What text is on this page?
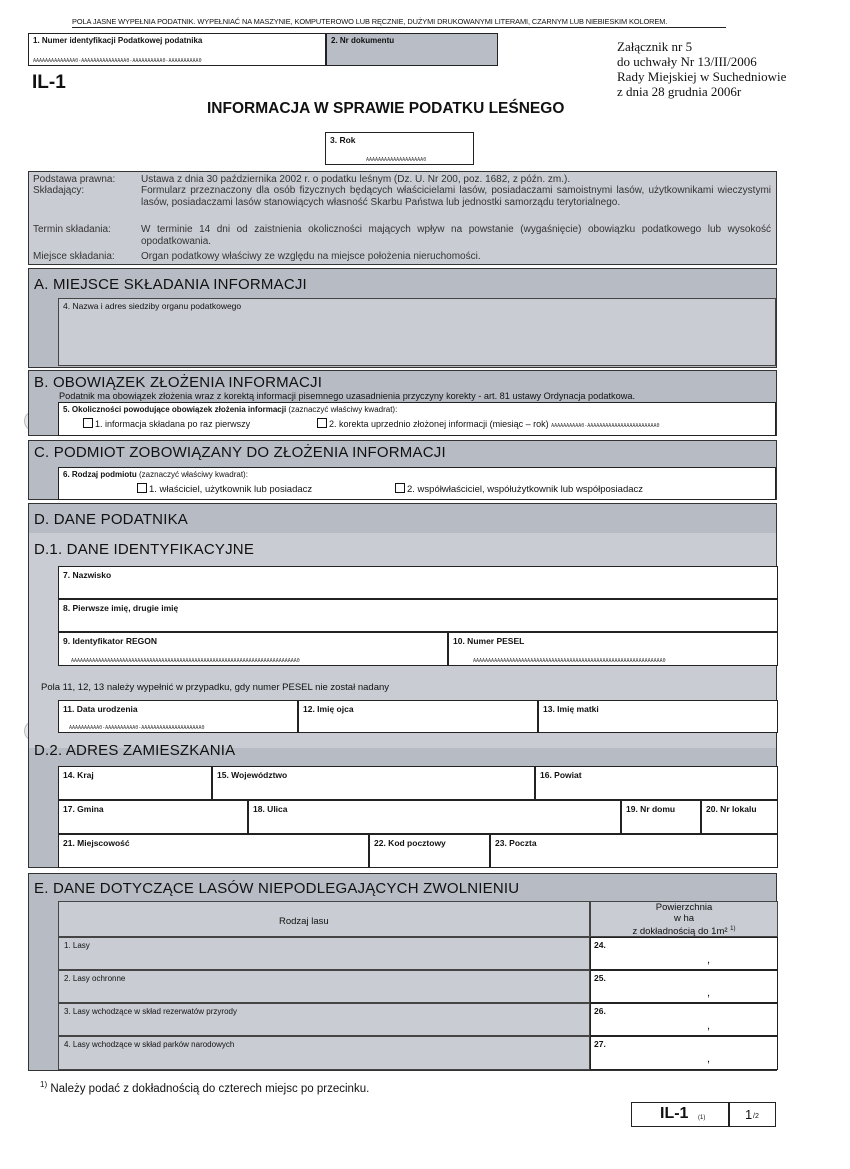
POLA JASNE WYPEŁNIA PODATNIK. WYPEŁNIAĆ NA MASZYNIE, KOMPUTEROWO LUB RĘCZNIE, DUŻYMI DRUKOWANYMI LITERAMI, CZARNYM LUB NIEBIESKIM KOLOREM.
1. Numer identyfikacji Podatkowej podatnika
AAAAAAAAAAAAAA0-AAAAAAAAAAAAAAA0-AAAAAAAAAA0-AAAAAAAAAA0
2. Nr dokumentu
IL-1
Załącznik nr 5
do uchwały Nr 13/III/2006
Rady Miejskiej w Suchedniowie
z dnia 28 grudnia 2006r
INFORMACJA W SPRAWIE PODATKU LEŚNEGO
3. Rok
AAAAAAAAAAAAAAAAAAA0
Podstawa prawna:	Ustawa z dnia 30 października 2002 r. o podatku leśnym (Dz. U. Nr 200, poz. 1682, z późn. zm.).
Składający:	Formularz przeznaczony dla osób fizycznych będących właścicielami lasów, posiadaczami samoistnymi lasów, użytkownikami wieczystymi lasów, posiadaczami lasów stanowiących własność Skarbu Państwa lub jednostki samorządu terytorialnego.
Termin składania:	W terminie 14 dni od zaistnienia okoliczności mających wpływ na powstanie (wygaśnięcie) obowiązku podatkowego lub wysokość opodatkowania.
Miejsce składania:	Organ podatkowy właściwy ze względu na miejsce położenia nieruchomości.
A. MIEJSCE SKŁADANIA INFORMACJI
4. Nazwa i adres siedziby organu podatkowego
B. OBOWIĄZEK ZŁOŻENIA INFORMACJI
Podatnik ma obowiązek złożenia wraz z korektą informacji pisemnego uzasadnienia przyczyny korekty - art. 81 ustawy Ordynacja podatkowa.
5. Okoliczności powodujące obowiązek złożenia informacji (zaznaczyć właściwy kwadrat):
1. informacja składana po raz pierwszy	2. korekta uprzednio złożonej informacji (miesiąc – rok) AAAAAAAAAA0-AAAAAAAAAAAAAAAAAAAAAAA0
C. PODMIOT ZOBOWIĄZANY DO ZŁOŻENIA INFORMACJI
6. Rodzaj podmiotu (zaznaczyć właściwy kwadrat):
1. właściciel, użytkownik lub posiadacz	2. współwłaściciel, współużytkownik lub współposiadacz
D. DANE PODATNIKA
D.1. DANE IDENTYFIKACYJNE
7. Nazwisko
8. Pierwsze imię, drugie imię
9. Identyfikator REGON
AAAAAAAAAAAAAAAAAAAAAAAAAAAAAAAAAAAAAAAAAAAAAAAAAAAAAAAAAAAAAAAAAAAAAAAAAAA0
10. Numer PESEL
AAAAAAAAAAAAAAAAAAAAAAAAAAAAAAAAAAAAAAAAAAAAAAAAAAAAAAAAAAAAAAA0
Pola 11, 12, 13 należy wypełnić w przypadku, gdy numer PESEL nie został nadany
11. Data urodzenia
AAAAAAAAAA0-AAAAAAAAAA0-AAAAAAAAAAAAAAAAAAAA0
12. Imię ojca	13. Imię matki
D.2. ADRES ZAMIESZKANIA
14. Kraj	15. Województwo	16. Powiat
17. Gmina	18. Ulica	19. Nr domu	20. Nr lokalu
21. Miejscowość	22. Kod pocztowy	23. Poczta
E. DANE DOTYCZĄCE LASÓW NIEPODLEGAJĄCYCH ZWOLNIENIU
Rodzaj lasu
Powierzchnia
w ha
z dokładnością do 1m² $^{1)}$
1. Lasy	24.
,
2. Lasy ochronne	25.
,
3. Lasy wchodzące w skład rezerwatów przyrody	26.
,
4. Lasy wchodzące w skład parków narodowych	27.
,
$^{1)}$ Należy podać z dokładnością do czterech miejsc po przecinku.
IL-1 (1)	1 /2
